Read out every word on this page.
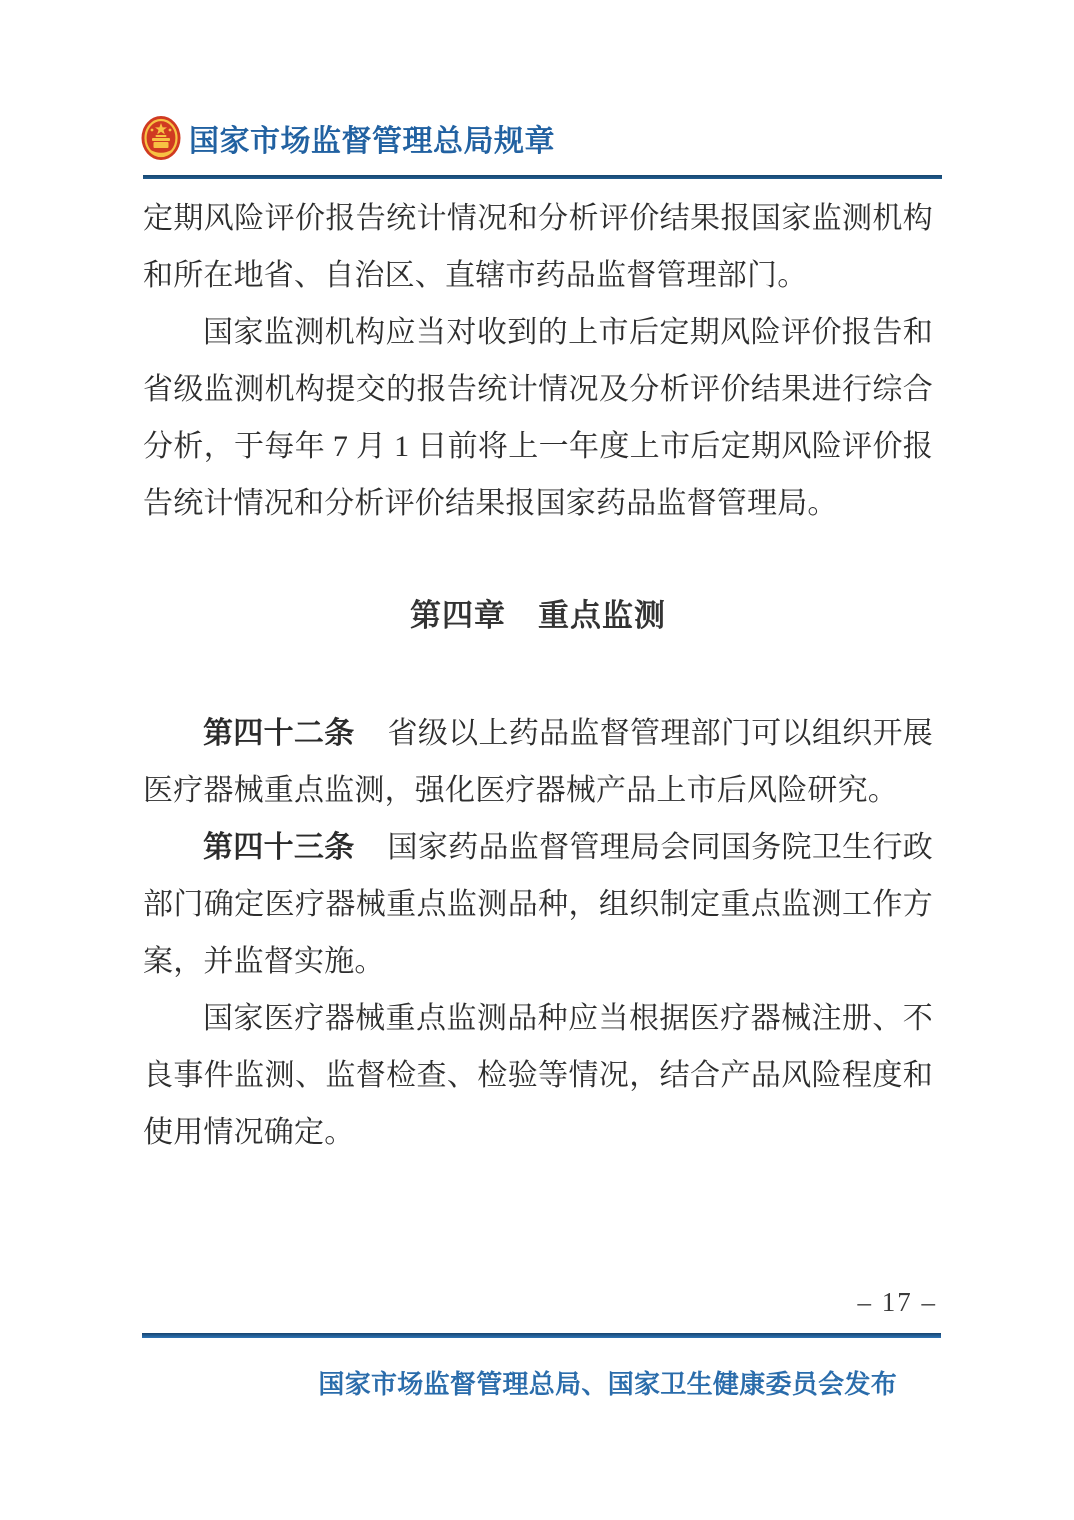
国家市场监督管理总局规章

定期风险评价报告统计情况和分析评价结果报国家监测机构和所在地省、自治区、直辖市药品监督管理部门。

国家监测机构应当对收到的上市后定期风险评价报告和省级监测机构提交的报告统计情况及分析评价结果进行综合分析，于每年 7 月 1 日前将上一年度上市后定期风险评价报告统计情况和分析评价结果报国家药品监督管理局。

第四章　重点监测

第四十二条 省级以上药品监督管理部门可以组织开展医疗器械重点监测，强化医疗器械产品上市后风险研究。

第四十三条 国家药品监督管理局会同国务院卫生行政部门确定医疗器械重点监测品种，组织制定重点监测工作方案，并监督实施。

国家医疗器械重点监测品种应当根据医疗器械注册、不良事件监测、监督检查、检验等情况，结合产品风险程度和使用情况确定。

– 17 –
国家市场监督管理总局、国家卫生健康委员会发布
